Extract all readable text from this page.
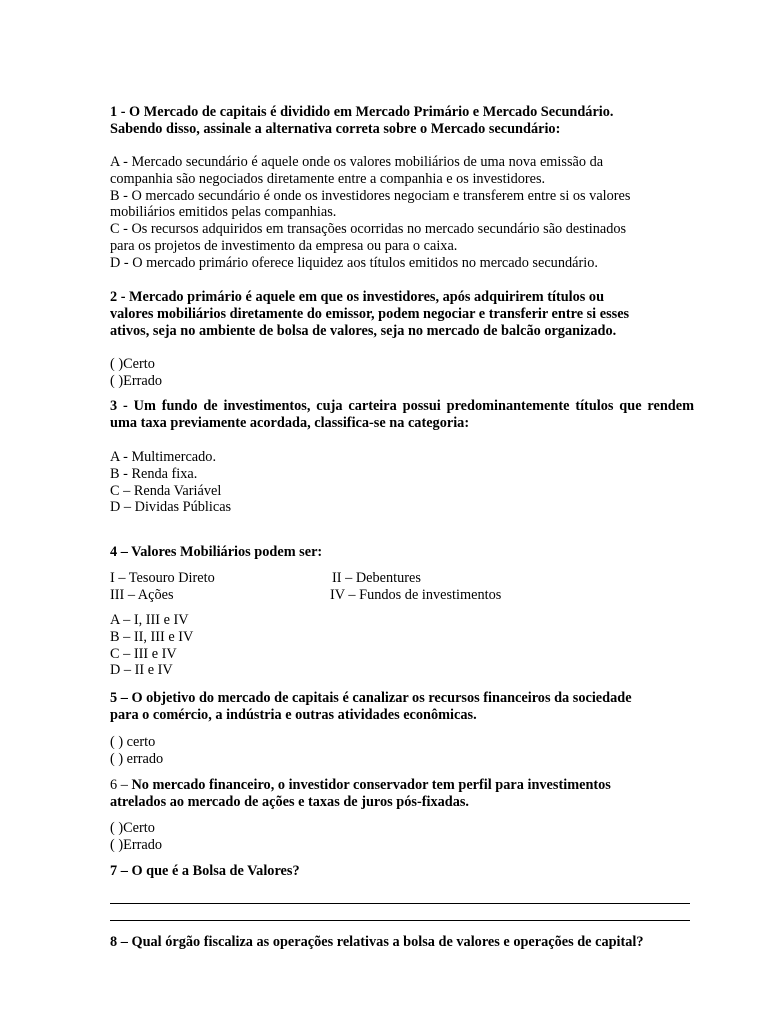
1 - O Mercado de capitais é dividido em Mercado Primário e Mercado Secundário.
Sabendo disso, assinale a alternativa correta sobre o Mercado secundário:
A - Mercado secundário é aquele onde os valores mobiliários de uma nova emissão da
companhia são negociados diretamente entre a companhia e os investidores.
B - O mercado secundário é onde os investidores negociam e transferem entre si os valores
mobiliários emitidos pelas companhias.
C - Os recursos adquiridos em transações ocorridas no mercado secundário são destinados
para os projetos de investimento da empresa ou para o caixa.
D - O mercado primário oferece liquidez aos títulos emitidos no mercado secundário.
2 - Mercado primário é aquele em que os investidores, após adquirirem títulos ou
valores mobiliários diretamente do emissor, podem negociar e transferir entre si esses
ativos, seja no ambiente de bolsa de valores, seja no mercado de balcão organizado.
( )Certo
( )Errado
3 - Um fundo de investimentos, cuja carteira possui predominantemente títulos que rendem uma taxa previamente acordada, classifica-se na categoria:
A - Multimercado.
B - Renda fixa.
C – Renda Variável
D – Dividas Públicas
4 – Valores Mobiliários podem ser:
I – Tesouro Direto	II – Debentures
III – Ações	IV – Fundos de investimentos
A – I, III e IV
B – II, III e IV
C – III e IV
D – II e IV
5 – O objetivo do mercado de capitais é canalizar os recursos financeiros da sociedade
para o comércio, a indústria e outras atividades econômicas.
( ) certo
( ) errado
6 – No mercado financeiro, o investidor conservador tem perfil para investimentos
atrelados ao mercado de ações e taxas de juros pós-fixadas.
( )Certo
( )Errado
7 – O que é a Bolsa de Valores?
8 – Qual órgão fiscaliza as operações relativas a bolsa de valores e operações de capital?
